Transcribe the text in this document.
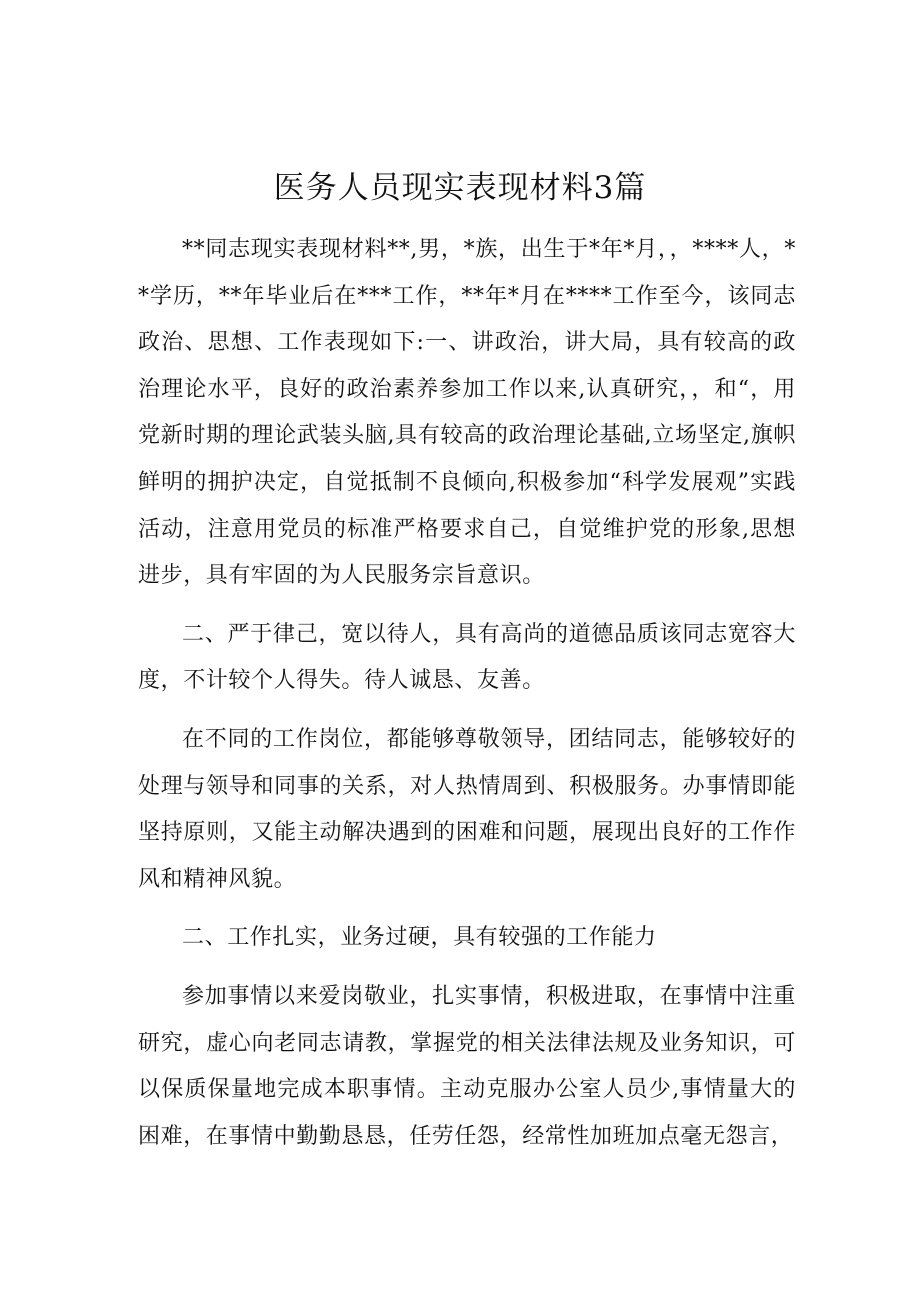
医务人员现实表现材料3篇

**同志现实表现材料**,男，*族，出生于*年*月，，****人，**学历，**年毕业后在***工作，**年*月在****工作至今，该同志政治、思想、工作表现如下:一、讲政治，讲大局，具有较高的政治理论水平，良好的政治素养参加工作以来,认真研究，，和“，用党新时期的理论武装头脑,具有较高的政治理论基础,立场坚定,旗帜鲜明的拥护决定，自觉抵制不良倾向,积极参加“科学发展观”实践活动，注意用党员的标准严格要求自己，自觉维护党的形象,思想进步，具有牢固的为人民服务宗旨意识。

二、严于律己，宽以待人，具有高尚的道德品质该同志宽容大度，不计较个人得失。待人诚恳、友善。

在不同的工作岗位，都能够尊敬领导，团结同志，能够较好的处理与领导和同事的关系，对人热情周到、积极服务。办事情即能坚持原则，又能主动解决遇到的困难和问题，展现出良好的工作作风和精神风貌。

二、工作扎实，业务过硬，具有较强的工作能力

参加事情以来爱岗敬业，扎实事情，积极进取，在事情中注重研究，虚心向老同志请教，掌握党的相关法律法规及业务知识，可以保质保量地完成本职事情。主动克服办公室人员少,事情量大的困难，在事情中勤勤恳恳，任劳任怨，经常性加班加点毫无怨言，
